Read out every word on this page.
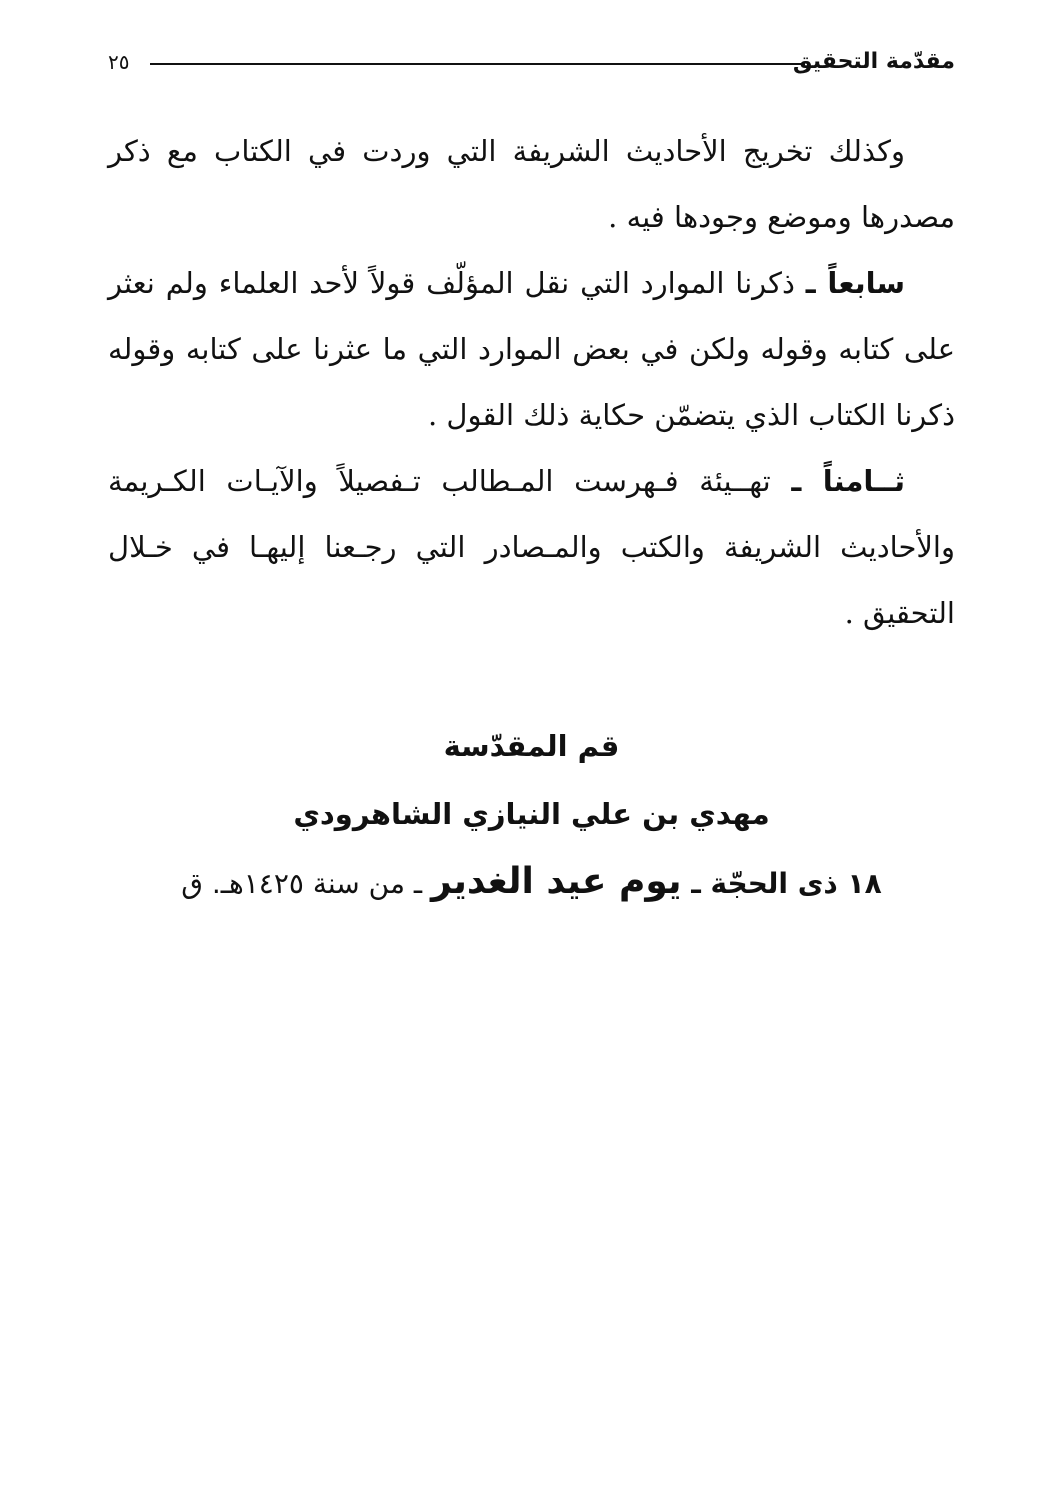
مقدّمة التحقيق
٢٥

وكذلك تخريج الأحاديث الشريفة التي وردت في الكتاب مع ذكر مصدرها وموضع وجودها فيه .

سابعاً ـ ذكرنا الموارد التي نقل المؤلّف قولاً لأحد العلماء ولم نعثر على كتابه وقوله ولكن في بعض الموارد التي ما عثرنا على كتابه وقوله ذكرنا الكتاب الذي يتضمّن حكاية ذلك القول .

ثــامناً ـ تهــيئة فـهرست المـطالب تـفصيلاً والآيـات الكـريمة والأحاديث الشريفة والكتب والمـصادر التي رجـعنا إليهـا في خـلال التحقيق .

قم المقدّسة
مهدي بن علي النيازي الشاهرودي
١٨ ذى الحجّة ـ يوم عيد الغدير ـ من سنة ١٤٢٥هـ. ق
